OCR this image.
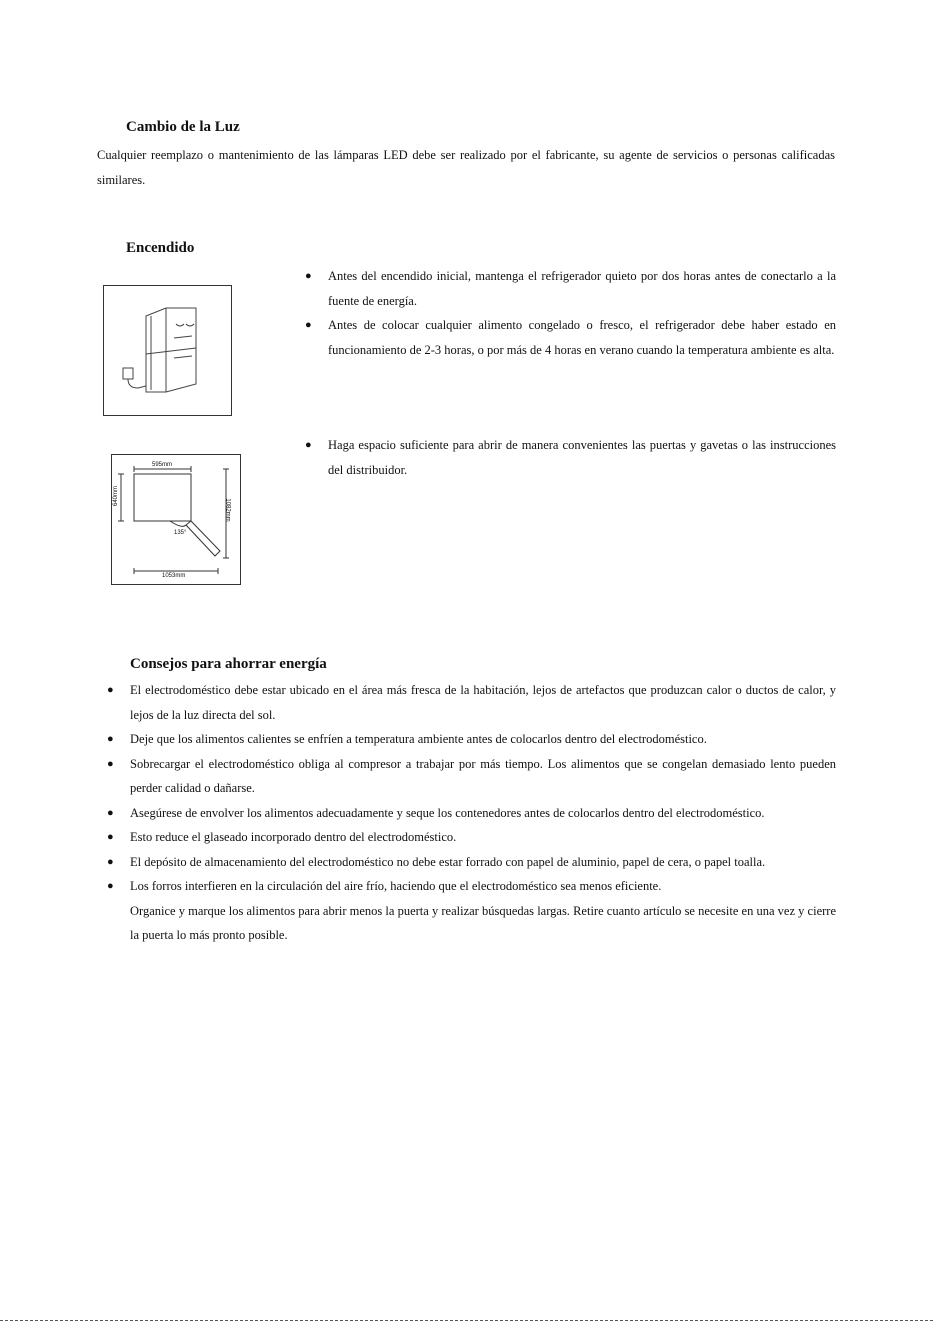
Cambio de la Luz
Cualquier reemplazo o mantenimiento de las lámparas LED debe ser realizado por el fabricante, su agente de servicios o personas calificadas similares.
Encendido
● Antes del encendido inicial, mantenga el refrigerador quieto por dos horas antes de conectarlo a la fuente de energía.
● Antes de colocar cualquier alimento congelado o fresco, el refrigerador debe haber estado en funcionamiento de 2-3 horas, o por más de 4 horas en verano cuando la temperatura ambiente es alta.
595mm
640mm
1082mm
135°
1053mm
● Haga espacio suficiente para abrir de manera convenientes las puertas y gavetas o las instrucciones del distribuidor.
Consejos para ahorrar energía
● El electrodoméstico debe estar ubicado en el área más fresca de la habitación, lejos de artefactos que produzcan calor o ductos de calor, y lejos de la luz directa del sol.
● Deje que los alimentos calientes se enfríen a temperatura ambiente antes de colocarlos dentro del electrodoméstico.
● Sobrecargar el electrodoméstico obliga al compresor a trabajar por más tiempo. Los alimentos que se congelan demasiado lento pueden perder calidad o dañarse.
● Asegúrese de envolver los alimentos adecuadamente y seque los contenedores antes de colocarlos dentro del electrodoméstico.
● Esto reduce el glaseado incorporado dentro del electrodoméstico.
● El depósito de almacenamiento del electrodoméstico no debe estar forrado con papel de aluminio, papel de cera, o papel toalla.
● Los forros interfieren en la circulación del aire frío, haciendo que el electrodoméstico sea menos eficiente.
Organice y marque los alimentos para abrir menos la puerta y realizar búsquedas largas. Retire cuanto artículo se necesite en una vez y cierre la puerta lo más pronto posible.
